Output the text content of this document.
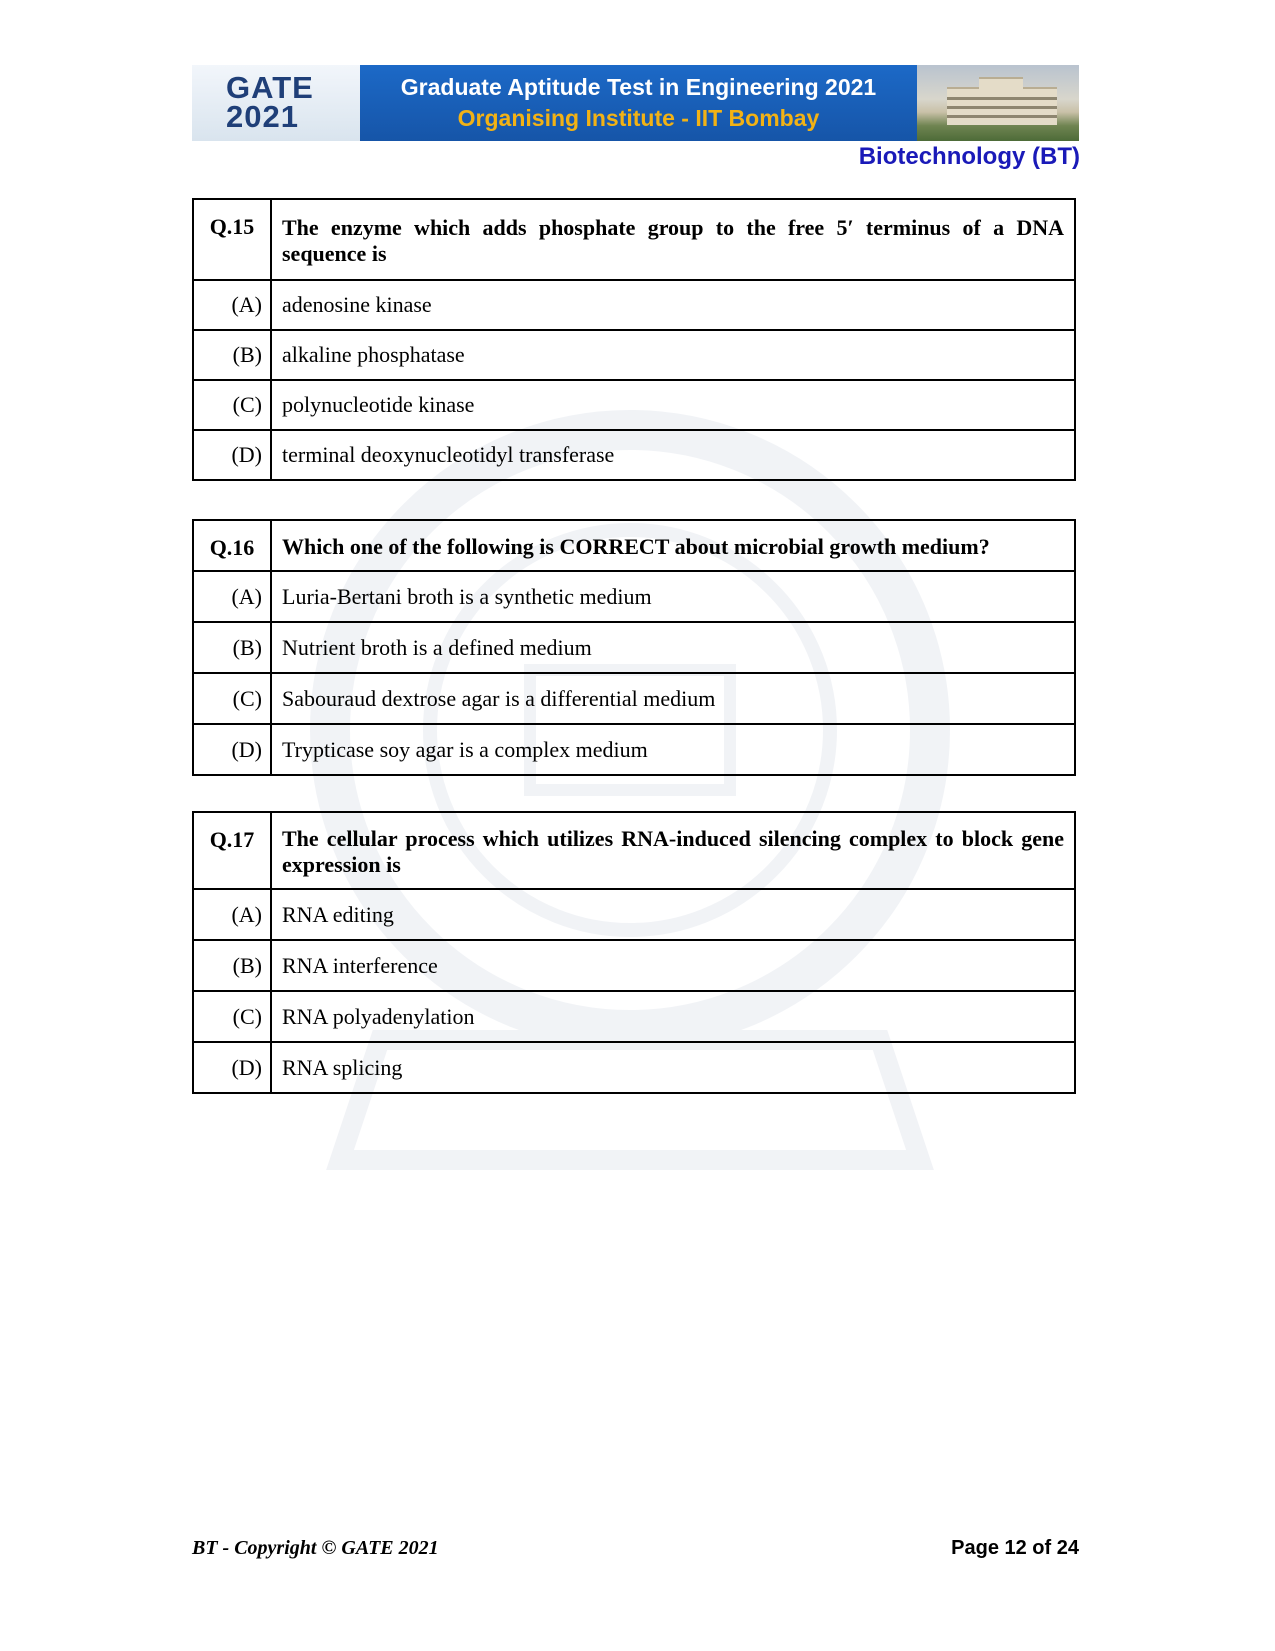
GATE
2021
Graduate Aptitude Test in Engineering 2021
Organising Institute - IIT Bombay
Biotechnology (BT)
Q.15	The enzyme which adds phosphate group to the free 5′ terminus of a DNA sequence is
(A)	adenosine kinase
(B)	alkaline phosphatase
(C)	polynucleotide kinase
(D)	terminal deoxynucleotidyl transferase
Q.16	Which one of the following is CORRECT about microbial growth medium?
(A)	Luria-Bertani broth is a synthetic medium
(B)	Nutrient broth is a defined medium
(C)	Sabouraud dextrose agar is a differential medium
(D)	Trypticase soy agar is a complex medium
Q.17	The cellular process which utilizes RNA-induced silencing complex to block gene expression is
(A)	RNA editing
(B)	RNA interference
(C)	RNA polyadenylation
(D)	RNA splicing
BT - Copyright © GATE 2021	Page 12 of 24
